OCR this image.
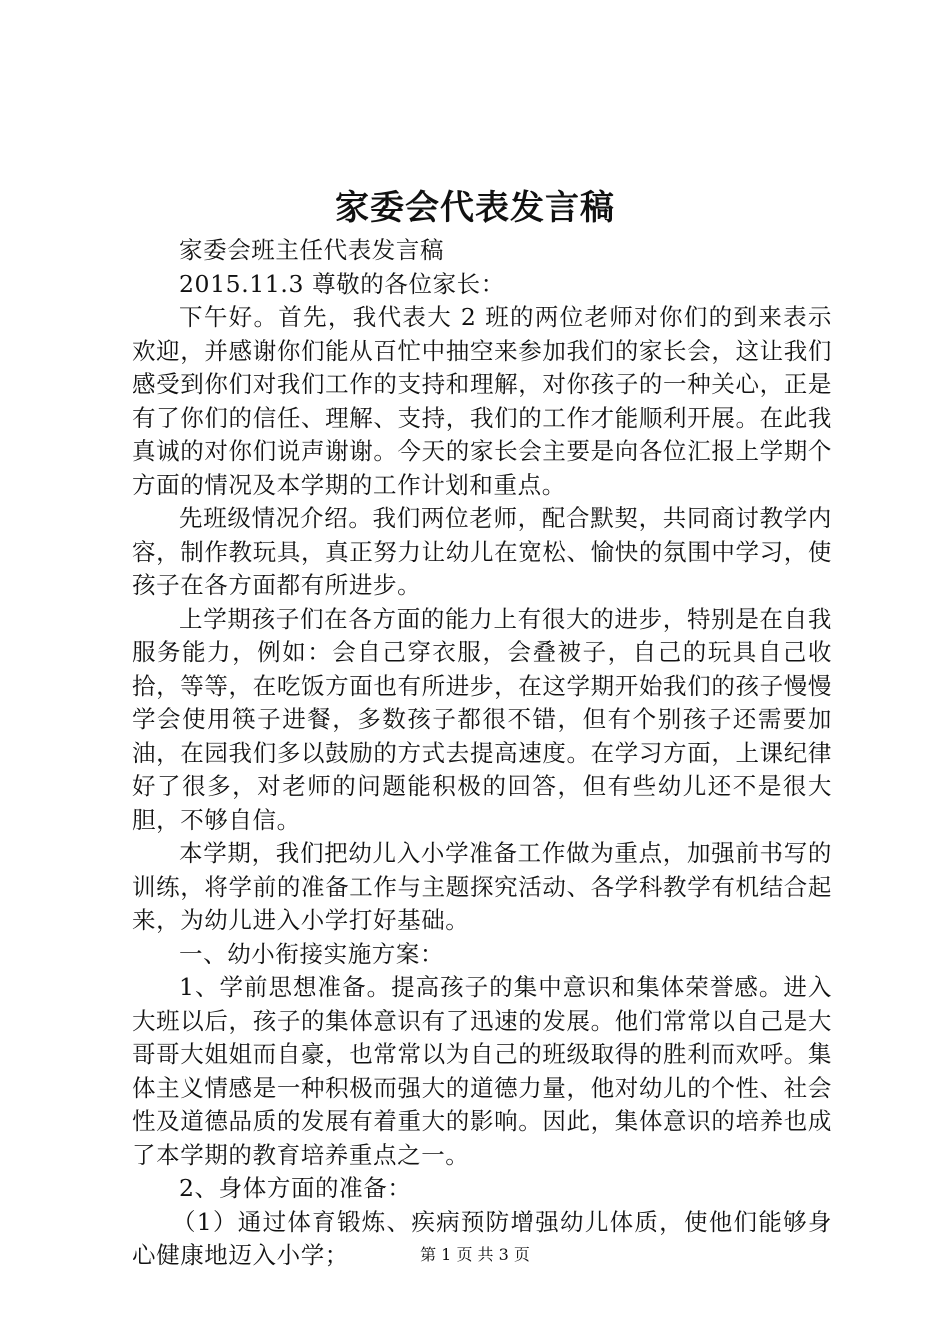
家委会代表发言稿

家委会班主任代表发言稿

2015.11.3 尊敬的各位家长：

下午好。首先，我代表大 2 班的两位老师对你们的到来表示欢迎，并感谢你们能从百忙中抽空来参加我们的家长会，这让我们感受到你们对我们工作的支持和理解，对你孩子的一种关心，正是有了你们的信任、理解、支持，我们的工作才能顺利开展。在此我真诚的对你们说声谢谢。今天的家长会主要是向各位汇报上学期个方面的情况及本学期的工作计划和重点。

先班级情况介绍。我们两位老师，配合默契，共同商讨教学内容，制作教玩具，真正努力让幼儿在宽松、愉快的氛围中学习，使孩子在各方面都有所进步。

上学期孩子们在各方面的能力上有很大的进步，特别是在自我服务能力，例如：会自己穿衣服，会叠被子，自己的玩具自己收拾，等等，在吃饭方面也有所进步，在这学期开始我们的孩子慢慢学会使用筷子进餐，多数孩子都很不错，但有个别孩子还需要加油，在园我们多以鼓励的方式去提高速度。在学习方面，上课纪律好了很多，对老师的问题能积极的回答，但有些幼儿还不是很大胆，不够自信。

本学期，我们把幼儿入小学准备工作做为重点，加强前书写的训练，将学前的准备工作与主题探究活动、各学科教学有机结合起来，为幼儿进入小学打好基础。

一、幼小衔接实施方案：

1、学前思想准备。提高孩子的集中意识和集体荣誉感。进入大班以后，孩子的集体意识有了迅速的发展。他们常常以自己是大哥哥大姐姐而自豪，也常常以为自己的班级取得的胜利而欢呼。集体主义情感是一种积极而强大的道德力量，他对幼儿的个性、社会性及道德品质的发展有着重大的影响。因此，集体意识的培养也成了本学期的教育培养重点之一。

2、身体方面的准备：

（1）通过体育锻炼、疾病预防增强幼儿体质，使他们能够身心健康地迈入小学；	第 1 页 共 3 页
